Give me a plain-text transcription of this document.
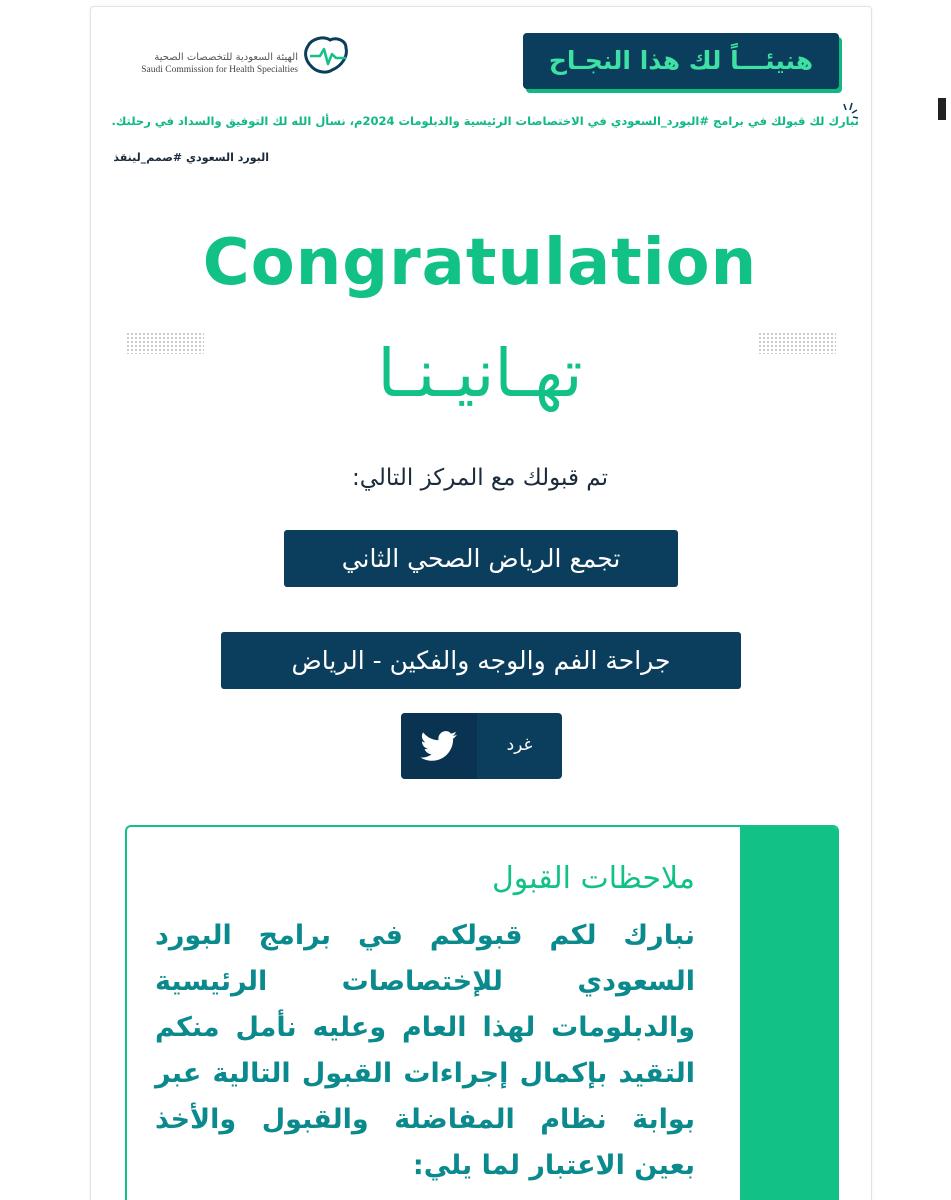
هنيئـــاً لك هذا النجـاح
الهيئة السعودية للتخصصات الصحية
Saudi Commission for Health Specialties
نبارك لك قبولك في برامج #البورد_السعودي في الاختصاصات الرئيسية والدبلومات 2024م، نسأل الله لك التوفيق والسداد في رحلتك.
البورد السعودي #صمم_لينقذ
Congratulation
تهـانيـنـا
تم قبولك مع المركز التالي:
تجمع الرياض الصحي الثاني
جراحة الفم والوجه والفكين - الرياض
غرد
ملاحظات القبول
نبارك لكم قبولكم في برامج البورد السعودي للإختصاصات الرئيسية والدبلومات لهذا العام وعليه نأمل منكم التقيد بإكمال إجراءات القبول التالية عبر بوابة نظام المفاضلة والقبول والأخذ بعين الاعتبار لما يلي:
